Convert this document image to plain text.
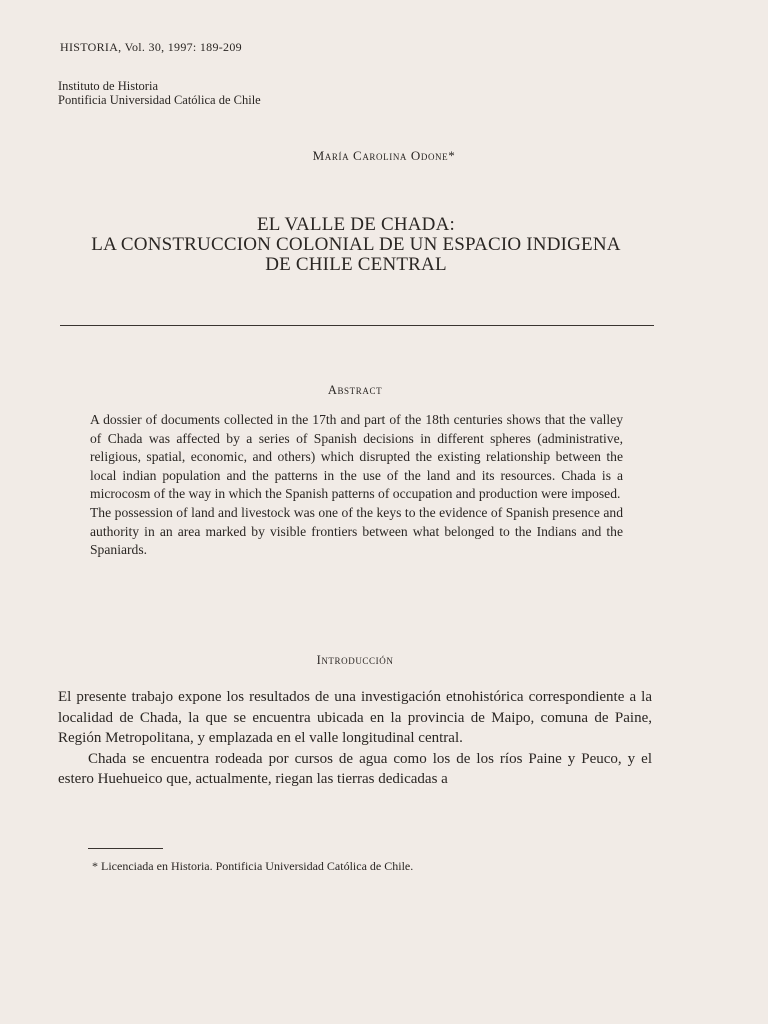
HISTORIA, Vol. 30, 1997: 189-209
Instituto de Historia
Pontificia Universidad Católica de Chile
María Carolina Odone*
EL VALLE DE CHADA:
LA CONSTRUCCION COLONIAL DE UN ESPACIO INDIGENA
DE CHILE CENTRAL
Abstract

A dossier of documents collected in the 17th and part of the 18th centuries shows that the valley of Chada was affected by a series of Spanish decisions in different spheres (administrative, religious, spatial, economic, and others) which disrupted the existing relationship between the local indian population and the patterns in the use of the land and its resources. Chada is a microcosm of the way in which the Spanish patterns of occupation and production were imposed.

The possession of land and livestock was one of the keys to the evidence of Spanish presence and authority in an area marked by visible frontiers between what belonged to the Indians and the Spaniards.

Introducción

El presente trabajo expone los resultados de una investigación etnohistórica correspondiente a la localidad de Chada, la que se encuentra ubicada en la provincia de Maipo, comuna de Paine, Región Metropolitana, y emplazada en el valle longitudinal central.

Chada se encuentra rodeada por cursos de agua como los de los ríos Paine y Peuco, y el estero Huehueico que, actualmente, riegan las tierras dedicadas a

* Licenciada en Historia. Pontificia Universidad Católica de Chile.
